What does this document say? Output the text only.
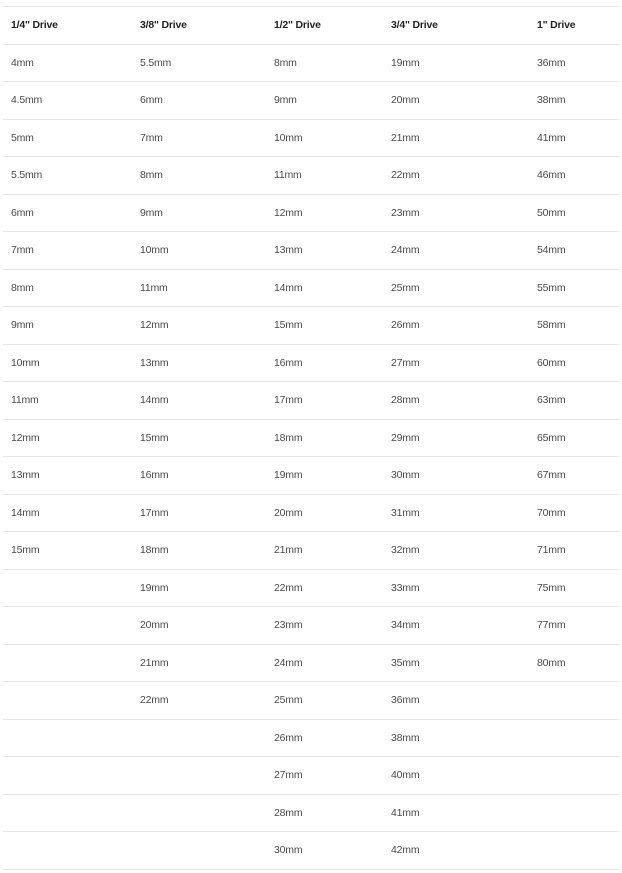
1/4" Drive	3/8" Drive	1/2" Drive	3/4" Drive	1" Drive
4mm	5.5mm	8mm	19mm	36mm
4.5mm	6mm	9mm	20mm	38mm
5mm	7mm	10mm	21mm	41mm
5.5mm	8mm	11mm	22mm	46mm
6mm	9mm	12mm	23mm	50mm
7mm	10mm	13mm	24mm	54mm
8mm	11mm	14mm	25mm	55mm
9mm	12mm	15mm	26mm	58mm
10mm	13mm	16mm	27mm	60mm
11mm	14mm	17mm	28mm	63mm
12mm	15mm	18mm	29mm	65mm
13mm	16mm	19mm	30mm	67mm
14mm	17mm	20mm	31mm	70mm
15mm	18mm	21mm	32mm	71mm
	19mm	22mm	33mm	75mm
	20mm	23mm	34mm	77mm
	21mm	24mm	35mm	80mm
	22mm	25mm	36mm	
		26mm	38mm	
		27mm	40mm	
		28mm	41mm	
		30mm	42mm	
